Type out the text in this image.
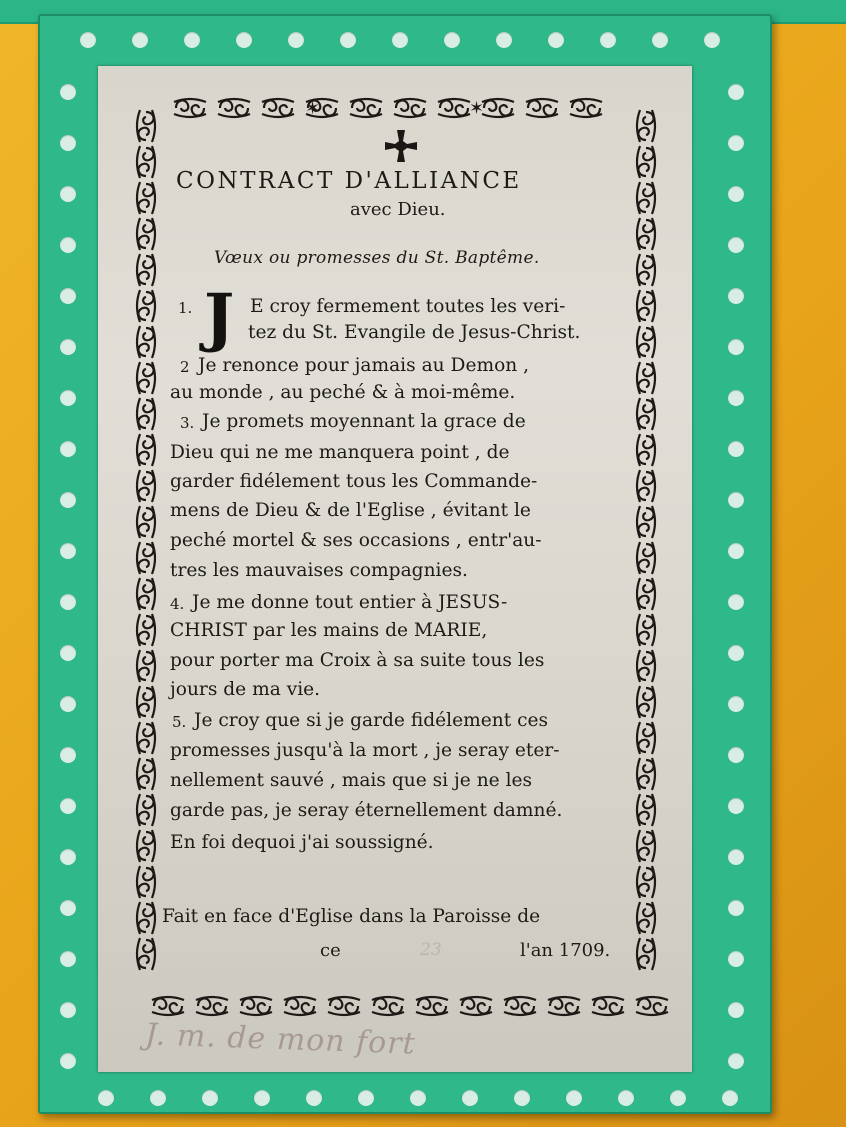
✶	✶
CONTRACT D'ALLIANCE
avec Dieu.
Vœux ou promesses du St. Baptême.
J
1.	E croy fermement toutes les veri-
tez du St. Evangile de Jesus-Christ.
2 Je renonce pour jamais au Demon ,
au monde , au peché & à moi-même.
3. Je promets moyennant la grace de
Dieu qui ne me manquera point , de
garder fidélement tous les Commande-
mens de Dieu & de l'Eglise , évitant le
peché mortel & ses occasions , entr'au-
tres les mauvaises compagnies.
4. Je me donne tout entier à JESUS-
CHRIST par les mains de MARIE,
pour porter ma Croix à sa suite tous les
jours de ma vie.
5. Je croy que si je garde fidélement ces
promesses jusqu'à la mort , je seray eter-
nellement sauvé , mais que si je ne les
garde pas, je seray éternellement damné.
En foi dequoi j'ai soussigné.
Fait en face d'Eglise dans la Paroisse de
ce	l'an 1709.
23
J. m. de mon fort
